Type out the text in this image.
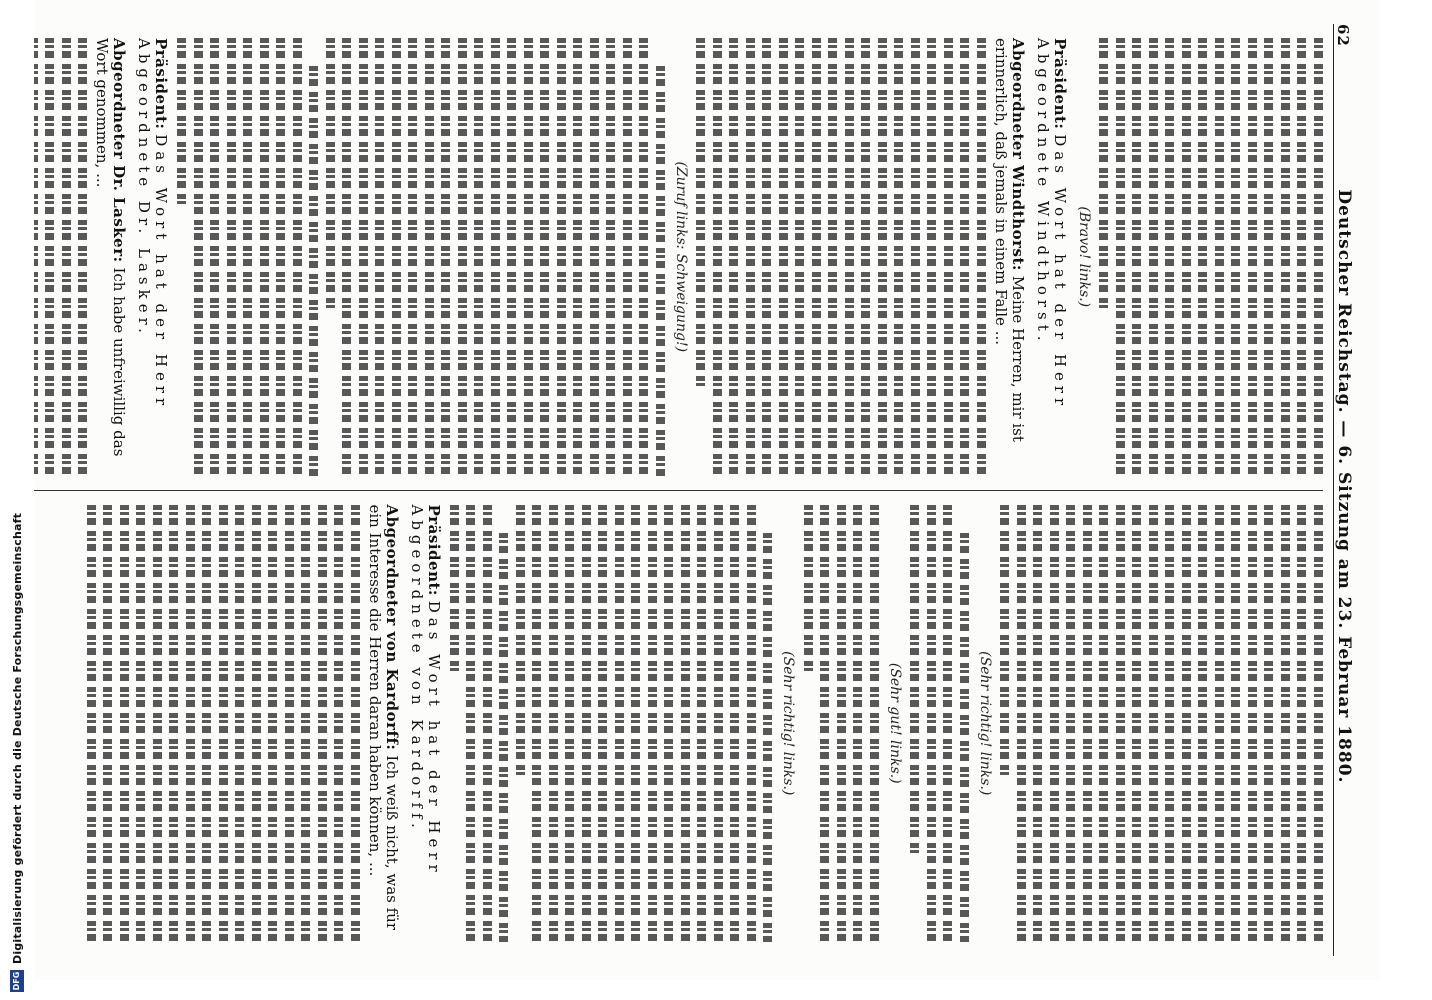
62
Deutscher Reichstag. — 6. Sitzung am 23. Februar 1880.
(Bravo! links.)
Präsident: Das Wort hat der Herr Abgeordnete Windthorst.
Abgeordneter Windthorst: Meine Herren, mir ist erinnerlich, daß jemals in einem Falle ...
(Zuruf links: Schweigung!)
Präsident: Das Wort hat der Herr Abgeordnete Dr. Lasker.
Abgeordneter Dr. Lasker: Ich habe unfreiwillig das Wort genommen, ...
(Sehr richtig! links.)
(Sehr gut! links.)
(Sehr richtig! links.)
Präsident: Das Wort hat der Herr Abgeordnete von Kardorff.
Abgeordneter von Kardorff: Ich weiß nicht, was für ein Interesse die Herren daran haben können, ...
DFG
Digitalisierung gefördert durch die Deutsche Forschungsgemeinschaft
